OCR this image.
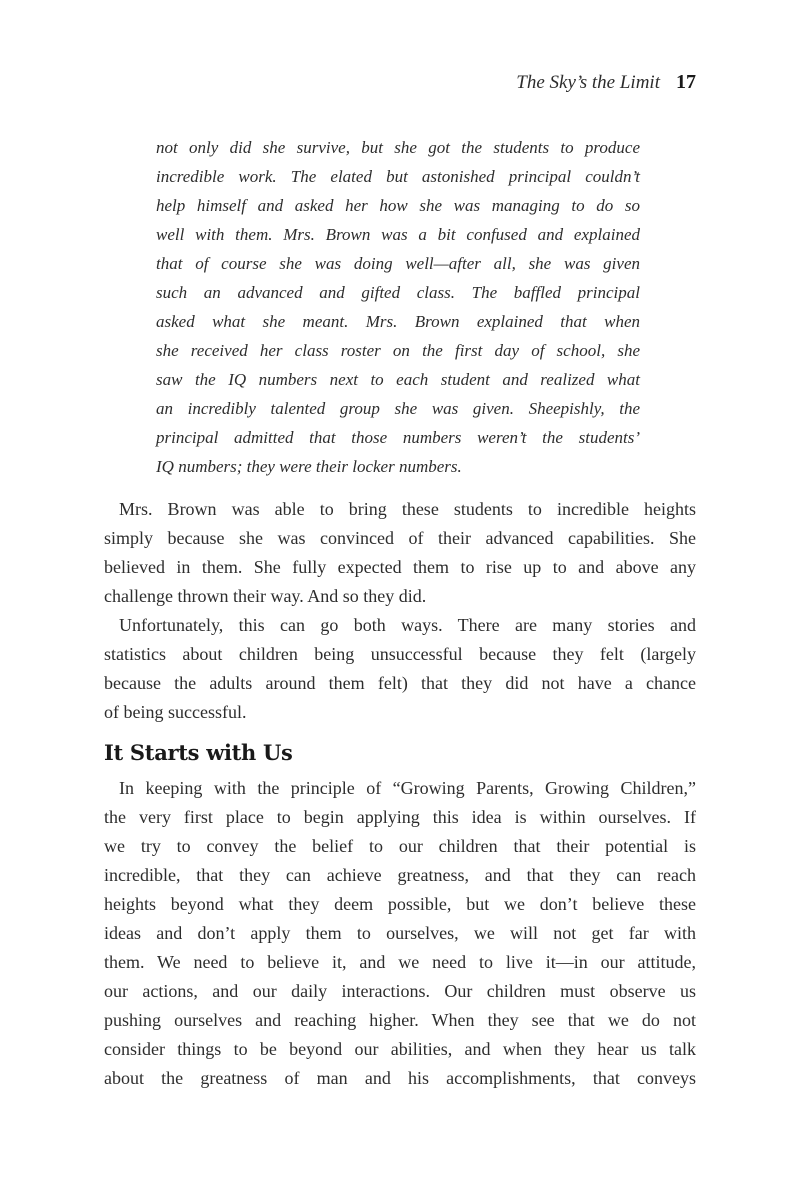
The Sky’s the Limit 17
not only did she survive, but she got the students to produce
incredible work. The elated but astonished principal couldn’t
help himself and asked her how she was managing to do so
well with them. Mrs. Brown was a bit confused and explained
that of course she was doing well—after all, she was given
such an advanced and gifted class. The baffled principal
asked what she meant. Mrs. Brown explained that when
she received her class roster on the first day of school, she
saw the IQ numbers next to each student and realized what
an incredibly talented group she was given. Sheepishly, the
principal admitted that those numbers weren’t the students’
IQ numbers; they were their locker numbers.
Mrs. Brown was able to bring these students to incredible heights
simply because she was convinced of their advanced capabilities. She
believed in them. She fully expected them to rise up to and above any
challenge thrown their way. And so they did.
Unfortunately, this can go both ways. There are many stories and
statistics about children being unsuccessful because they felt (largely
because the adults around them felt) that they did not have a chance
of being successful.
It Starts with Us
In keeping with the principle of “Growing Parents, Growing Children,”
the very first place to begin applying this idea is within ourselves. If
we try to convey the belief to our children that their potential is
incredible, that they can achieve greatness, and that they can reach
heights beyond what they deem possible, but we don’t believe these
ideas and don’t apply them to ourselves, we will not get far with
them. We need to believe it, and we need to live it—in our attitude,
our actions, and our daily interactions. Our children must observe us
pushing ourselves and reaching higher. When they see that we do not
consider things to be beyond our abilities, and when they hear us talk
about the greatness of man and his accomplishments, that conveys
